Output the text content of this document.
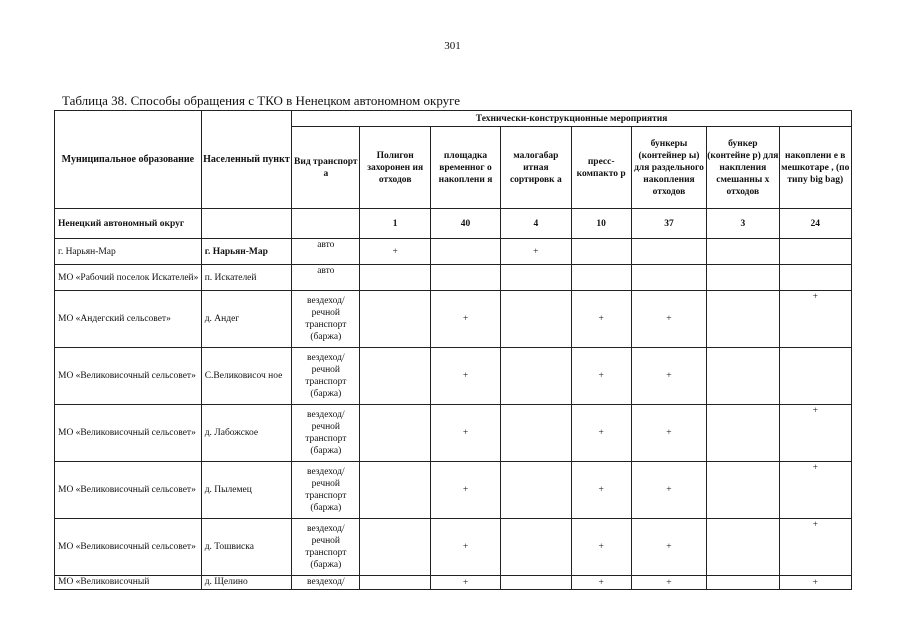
301
Таблица 38. Способы обращения с ТКО в Ненецком автономном округе
Муниципальное образование	Населенный пункт	Технически-конструкционные мероприятия							
		Вид транспорт а	Полигон захоронен ия отходов	площадка временног о накоплени я	малогабар итная сортировк а	пресс- компакто р	бункеры (контейнер ы) для раздельного накопления отходов	бункер (контейне р) для накпления смешанны х отходов	накоплени е в мешкотаре , (по типу big bag)
Ненецкий автономный округ			1	40	4	10	37	3	24
г. Нарьян-Мар	г. Нарьян-Мар	авто	+		+				
МО «Рабочий поселок Искателей»	п. Искателей	авто							
МО «Андегский сельсовет»	д. Андег	вездеход/ речной транспорт (баржа)		+		+	+		+
МО «Великовисочный сельсовет»	С.Великовисоч ное	вездеход/ речной транспорт (баржа)		+		+	+		
МО «Великовисочный сельсовет»	д. Лабожское	вездеход/ речной транспорт (баржа)		+		+	+		+
МО «Великовисочный сельсовет»	д. Пылемец	вездеход/ речной транспорт (баржа)		+		+	+		+
МО «Великовисочный сельсовет»	д. Тошвиска	вездеход/ речной транспорт (баржа)		+		+	+		+
МО «Великовисочный	д. Щелино	вездеход/		+		+	+		+
